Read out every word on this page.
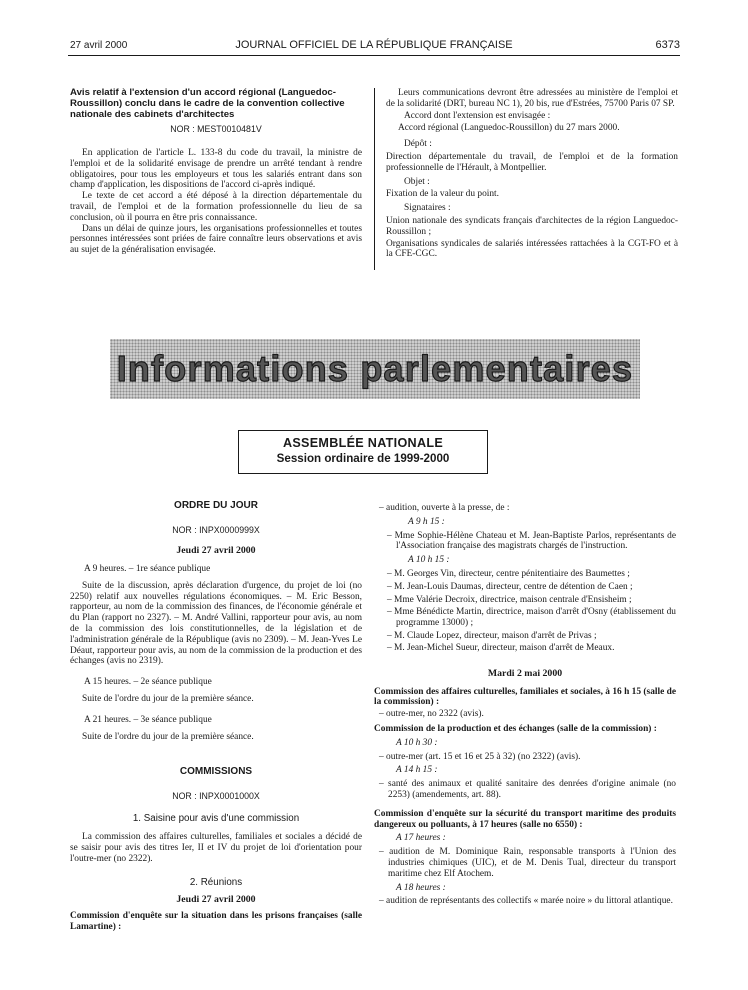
27 avril 2000	JOURNAL OFFICIEL DE LA RÉPUBLIQUE FRANÇAISE	6373
Avis relatif à l'extension d'un accord régional (Languedoc-Roussillon) conclu dans le cadre de la convention collective nationale des cabinets d'architectes
NOR : MESТ0010481V

En application de l'article L. 133-8 du code du travail, la ministre de l'emploi et de la solidarité envisage de prendre un arrêté tendant à rendre obligatoires, pour tous les employeurs et tous les salariés entrant dans son champ d'application, les dispositions de l'accord ci-après indiqué.

Le texte de cet accord a été déposé à la direction départementale du travail, de l'emploi et de la formation professionnelle du lieu de sa conclusion, où il pourra en être pris connaissance.

Dans un délai de quinze jours, les organisations professionnelles et toutes personnes intéressées sont priées de faire connaître leurs observations et avis au sujet de la généralisation envisagée.

Leurs communications devront être adressées au ministère de l'emploi et de la solidarité (DRT, bureau NC 1), 20 bis, rue d'Estrées, 75700 Paris 07 SP.

Accord dont l'extension est envisagée :

Accord régional (Languedoc-Roussillon) du 27 mars 2000.

Dépôt :

Direction départementale du travail, de l'emploi et de la formation professionnelle de l'Hérault, à Montpellier.

Objet :

Fixation de la valeur du point.

Signataires :

Union nationale des syndicats français d'architectes de la région Languedoc-Roussillon ;

Organisations syndicales de salariés intéressées rattachées à la CGT-FO et à la CFE-CGC.

Informations parlementaires
ASSEMBLÉE NATIONALE
Session ordinaire de 1999-2000
ORDRE DU JOUR
NOR : INPX0000999X
Jeudi 27 avril 2000

A 9 heures. – 1re séance publique

Suite de la discussion, après déclaration d'urgence, du projet de loi (no 2250) relatif aux nouvelles régulations économiques. – M. Eric Besson, rapporteur, au nom de la commission des finances, de l'économie générale et du Plan (rapport no 2327). – M. André Vallini, rapporteur pour avis, au nom de la commission des lois constitutionnelles, de la législation et de l'administration générale de la République (avis no 2309). – M. Jean-Yves Le Déaut, rapporteur pour avis, au nom de la commission de la production et des échanges (avis no 2319).

A 15 heures. – 2e séance publique

Suite de l'ordre du jour de la première séance.

A 21 heures. – 3e séance publique

Suite de l'ordre du jour de la première séance.

COMMISSIONS
NOR : INPX0001000X
1. Saisine pour avis d'une commission

La commission des affaires culturelles, familiales et sociales a décidé de se saisir pour avis des titres Ier, II et IV du projet de loi d'orientation pour l'outre-mer (no 2322).

2. Réunions
Jeudi 27 avril 2000

Commission d'enquête sur la situation dans les prisons françaises (salle Lamartine) :

– audition, ouverte à la presse, de :

A 9 h 15 :

– Mme Sophie-Hélène Chateau et M. Jean-Baptiste Parlos, représentants de l'Association française des magistrats chargés de l'instruction.

A 10 h 15 :

– M. Georges Vin, directeur, centre pénitentiaire des Baumettes ;

– M. Jean-Louis Daumas, directeur, centre de détention de Caen ;

– Mme Valérie Decroix, directrice, maison centrale d'Ensisheim ;

– Mme Bénédicte Martin, directrice, maison d'arrêt d'Osny (établissement du programme 13000) ;

– M. Claude Lopez, directeur, maison d'arrêt de Privas ;

– M. Jean-Michel Sueur, directeur, maison d'arrêt de Meaux.

Mardi 2 mai 2000

Commission des affaires culturelles, familiales et sociales, à 16 h 15 (salle de la commission) :

– outre-mer, no 2322 (avis).

Commission de la production et des échanges (salle de la commission) :

A 10 h 30 :

– outre-mer (art. 15 et 16 et 25 à 32) (no 2322) (avis).

A 14 h 15 :

– santé des animaux et qualité sanitaire des denrées d'origine animale (no 2253) (amendements, art. 88).

Commission d'enquête sur la sécurité du transport maritime des produits dangereux ou polluants, à 17 heures (salle no 6550) :

A 17 heures :

– audition de M. Dominique Rain, responsable transports à l'Union des industries chimiques (UIC), et de M. Denis Tual, directeur du transport maritime chez Elf Atochem.

A 18 heures :

– audition de représentants des collectifs « marée noire » du littoral atlantique.
